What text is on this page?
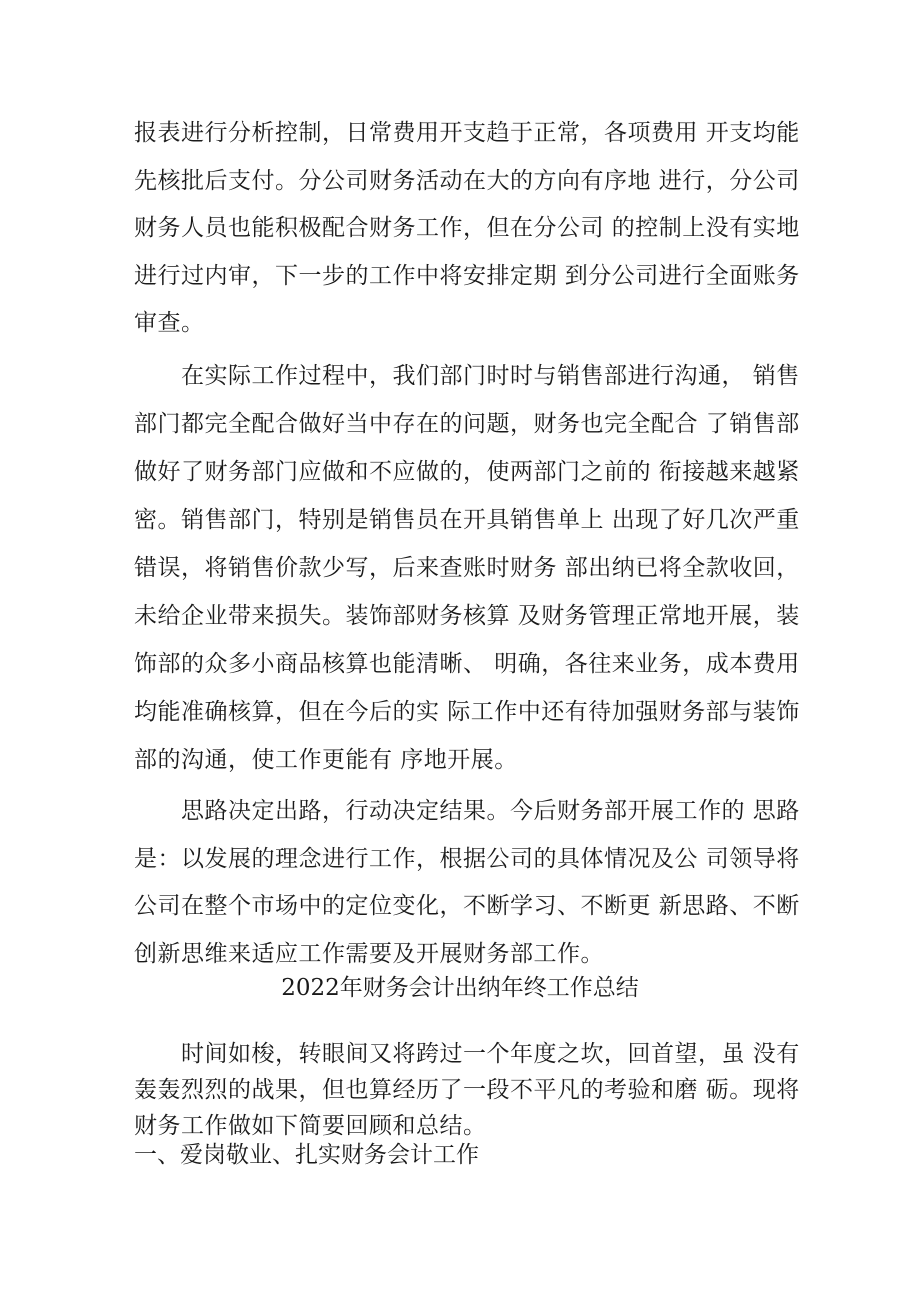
报表进行分析控制，日常费用开支趋于正常，各项费用 开支均能
先核批后支付。分公司财务活动在大的方向有序地 进行，分公司
财务人员也能积极配合财务工作，但在分公司 的控制上没有实地
进行过内审，下一步的工作中将安排定期 到分公司进行全面账务
审查。
　　在实际工作过程中，我们部门时时与销售部进行沟通， 销售
部门都完全配合做好当中存在的问题，财务也完全配合 了销售部
做好了财务部门应做和不应做的，使两部门之前的 衔接越来越紧
密。销售部门，特别是销售员在开具销售单上 出现了好几次严重
错误，将销售价款少写，后来查账时财务 部出纳已将全款收回，
未给企业带来损失。装饰部财务核算 及财务管理正常地开展，装
饰部的众多小商品核算也能清晰、 明确，各往来业务，成本费用
均能准确核算，但在今后的实 际工作中还有待加强财务部与装饰
部的沟通，使工作更能有 序地开展。
　　思路决定出路，行动决定结果。今后财务部开展工作的 思路
是：以发展的理念进行工作，根据公司的具体情况及公 司领导将
公司在整个市场中的定位变化，不断学习、不断更 新思路、不断
创新思维来适应工作需要及开展财务部工作。
2022年财务会计出纳年终工作总结
　　时间如梭，转眼间又将跨过一个年度之坎，回首望，虽 没有
轰轰烈烈的战果，但也算经历了一段不平凡的考验和磨 砺。现将
财务工作做如下简要回顾和总结。
一、爱岗敬业、扎实财务会计工作
